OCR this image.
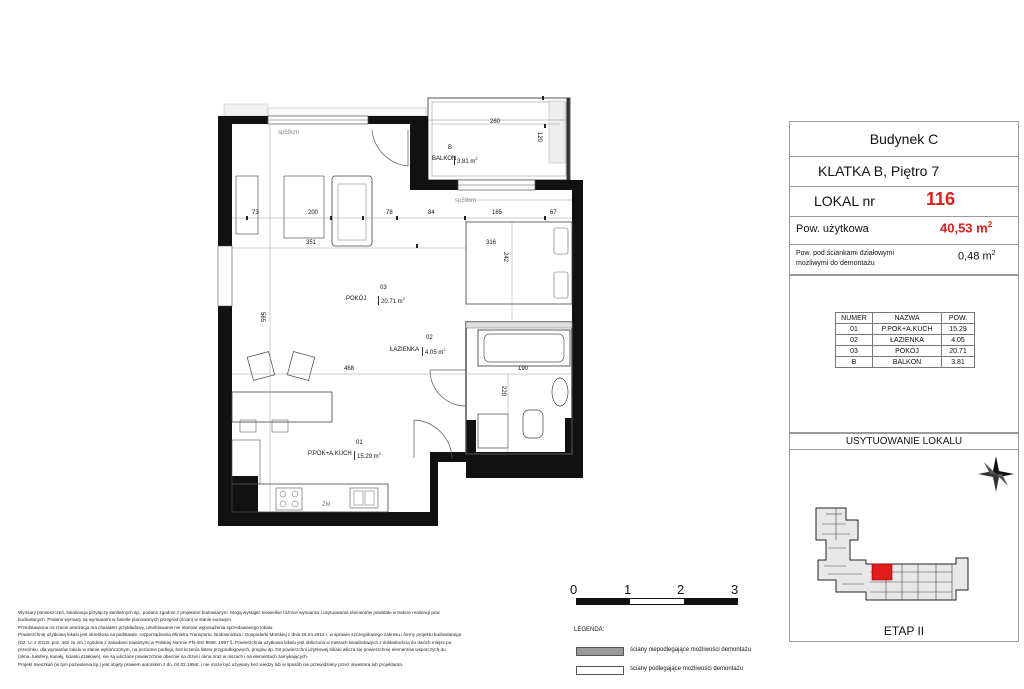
B
BALKON 3.81 $m^2$
260
120
sp59cm
sp59cm
73	200	78	84	165	67
351	316
242
565
468	190
220
03
POKÓJ	20.71 $m^2$
02
ŁAZIENKA 4.05 $m^2$
01
P.POK+A.KUCH 15.29 $m^2$
ZM
Budynek C
KLATKA B, Piętro 7
LOKAL nr	116
Pow. użytkowa	40,53 $m^2$
Pow. pod ściankami działowymi
możliwymi do demontażu
0,48 $m^2$
NUMER	NAZWA	POW.
01	P.POK+A.KUCH	15.29
02	ŁAZIENKA	4.05
03	POKÓJ	20.71
B	BALKON	3.81
USYTUOWANIE LOKALU
ETAP II
0	1	2	3
LEGENDA:
ściany niepodlegające możliwości demontażu
ściany podlegające możliwości demontażu

Wymiary pomieszczeń, lokalizacja przyłączy sanitarnych itp., podano zgodnie z projektem budowlanym. Mogą wystąpić niewielkie różnice wymiarów i usytuowania elementów powstałe w trakcie realizacji prac

budowlanych. Podane wymiary są wymiarami w świetle planowanych przegród (ścian) w stanie surowym.

Przedstawiona na rzucie aranżacja ma charakter przykładowy, umeblowanie nie stanowi wyposażenia sprzedawanego lokalu.

Powierzchnię użytkową lokalu jest określona na podstawie: rozporządzenia Ministra Transportu, Budownictwa i Gospodarki Morskiej z dnia 25.04.2012 r. w sprawie szczegółowego zakresu i formy projektu budowlanego

(DZ. U. z 2012r. poz. 462 ze zm.) zgodnie z zasadami zawartymi w Polskiej Normie PN-ISO 9836: 1997 §. Powierzchnia użytkowa lokalu jest obliczona w metrach kwadratowych z dokładnością do dwóch miejsc po

przecinku, dla wymiarów lokalu w stanie wykończonym, na poziomie podłogi, bez liczenia listew przypodłogowych, progów itp. Do powierzchni użytkowej lokalu wlicza się powierzchnię elementów wsporczych do

(okna, luksfery, kanały, ścianki działowe), nie są wliczane powierzchnie obecnie na drzwi i okna oraz w niszach i na elementach zamykających.

Projekt mieszkań (w tym pozwolenia itp.) jest objęty prawem autorskim z dn. 04.02.1994r. i nie może być używany bez wiedzy lub w sposób nie przewidziany przez inwestora lub projektanta.
